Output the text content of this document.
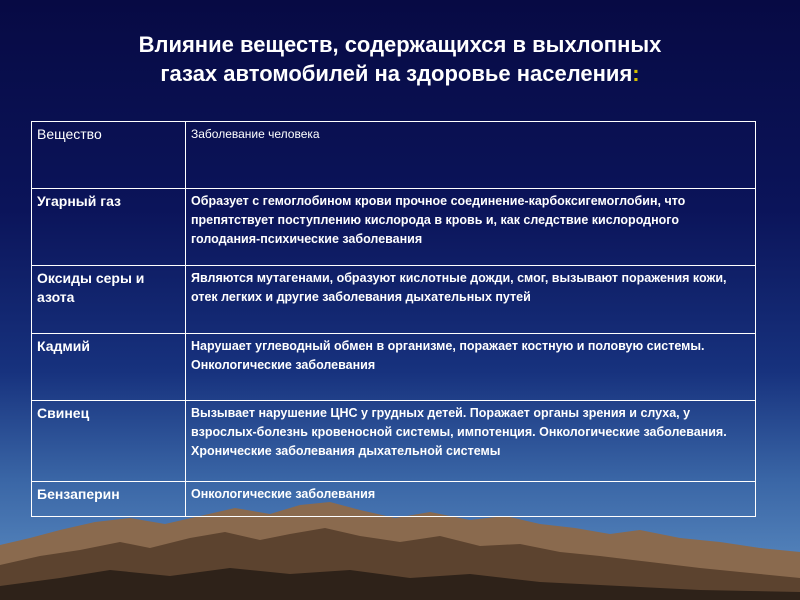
Влияние веществ, содержащихся в выхлопных
газах автомобилей на здоровье населения:
Вещество	Заболевание человека
Угарный газ	Образует с гемоглобином крови прочное соединение-карбоксигемоглобин, что препятствует поступлению кислорода в кровь и, как следствие кислородного голодания-психические заболевания
Оксиды серы и азота	Являются мутагенами, образуют кислотные дожди, смог, вызывают поражения кожи, отек легких и другие заболевания дыхательных путей
Кадмий	Нарушает углеводный обмен в организме, поражает костную и половую системы. Онкологические заболевания
Свинец	Вызывает нарушение ЦНС у грудных детей. Поражает органы зрения и слуха, у взрослых-болезнь кровеносной системы, импотенция. Онкологические заболевания. Хронические заболевания дыхательной системы
Бензаперин	Онкологические заболевания
